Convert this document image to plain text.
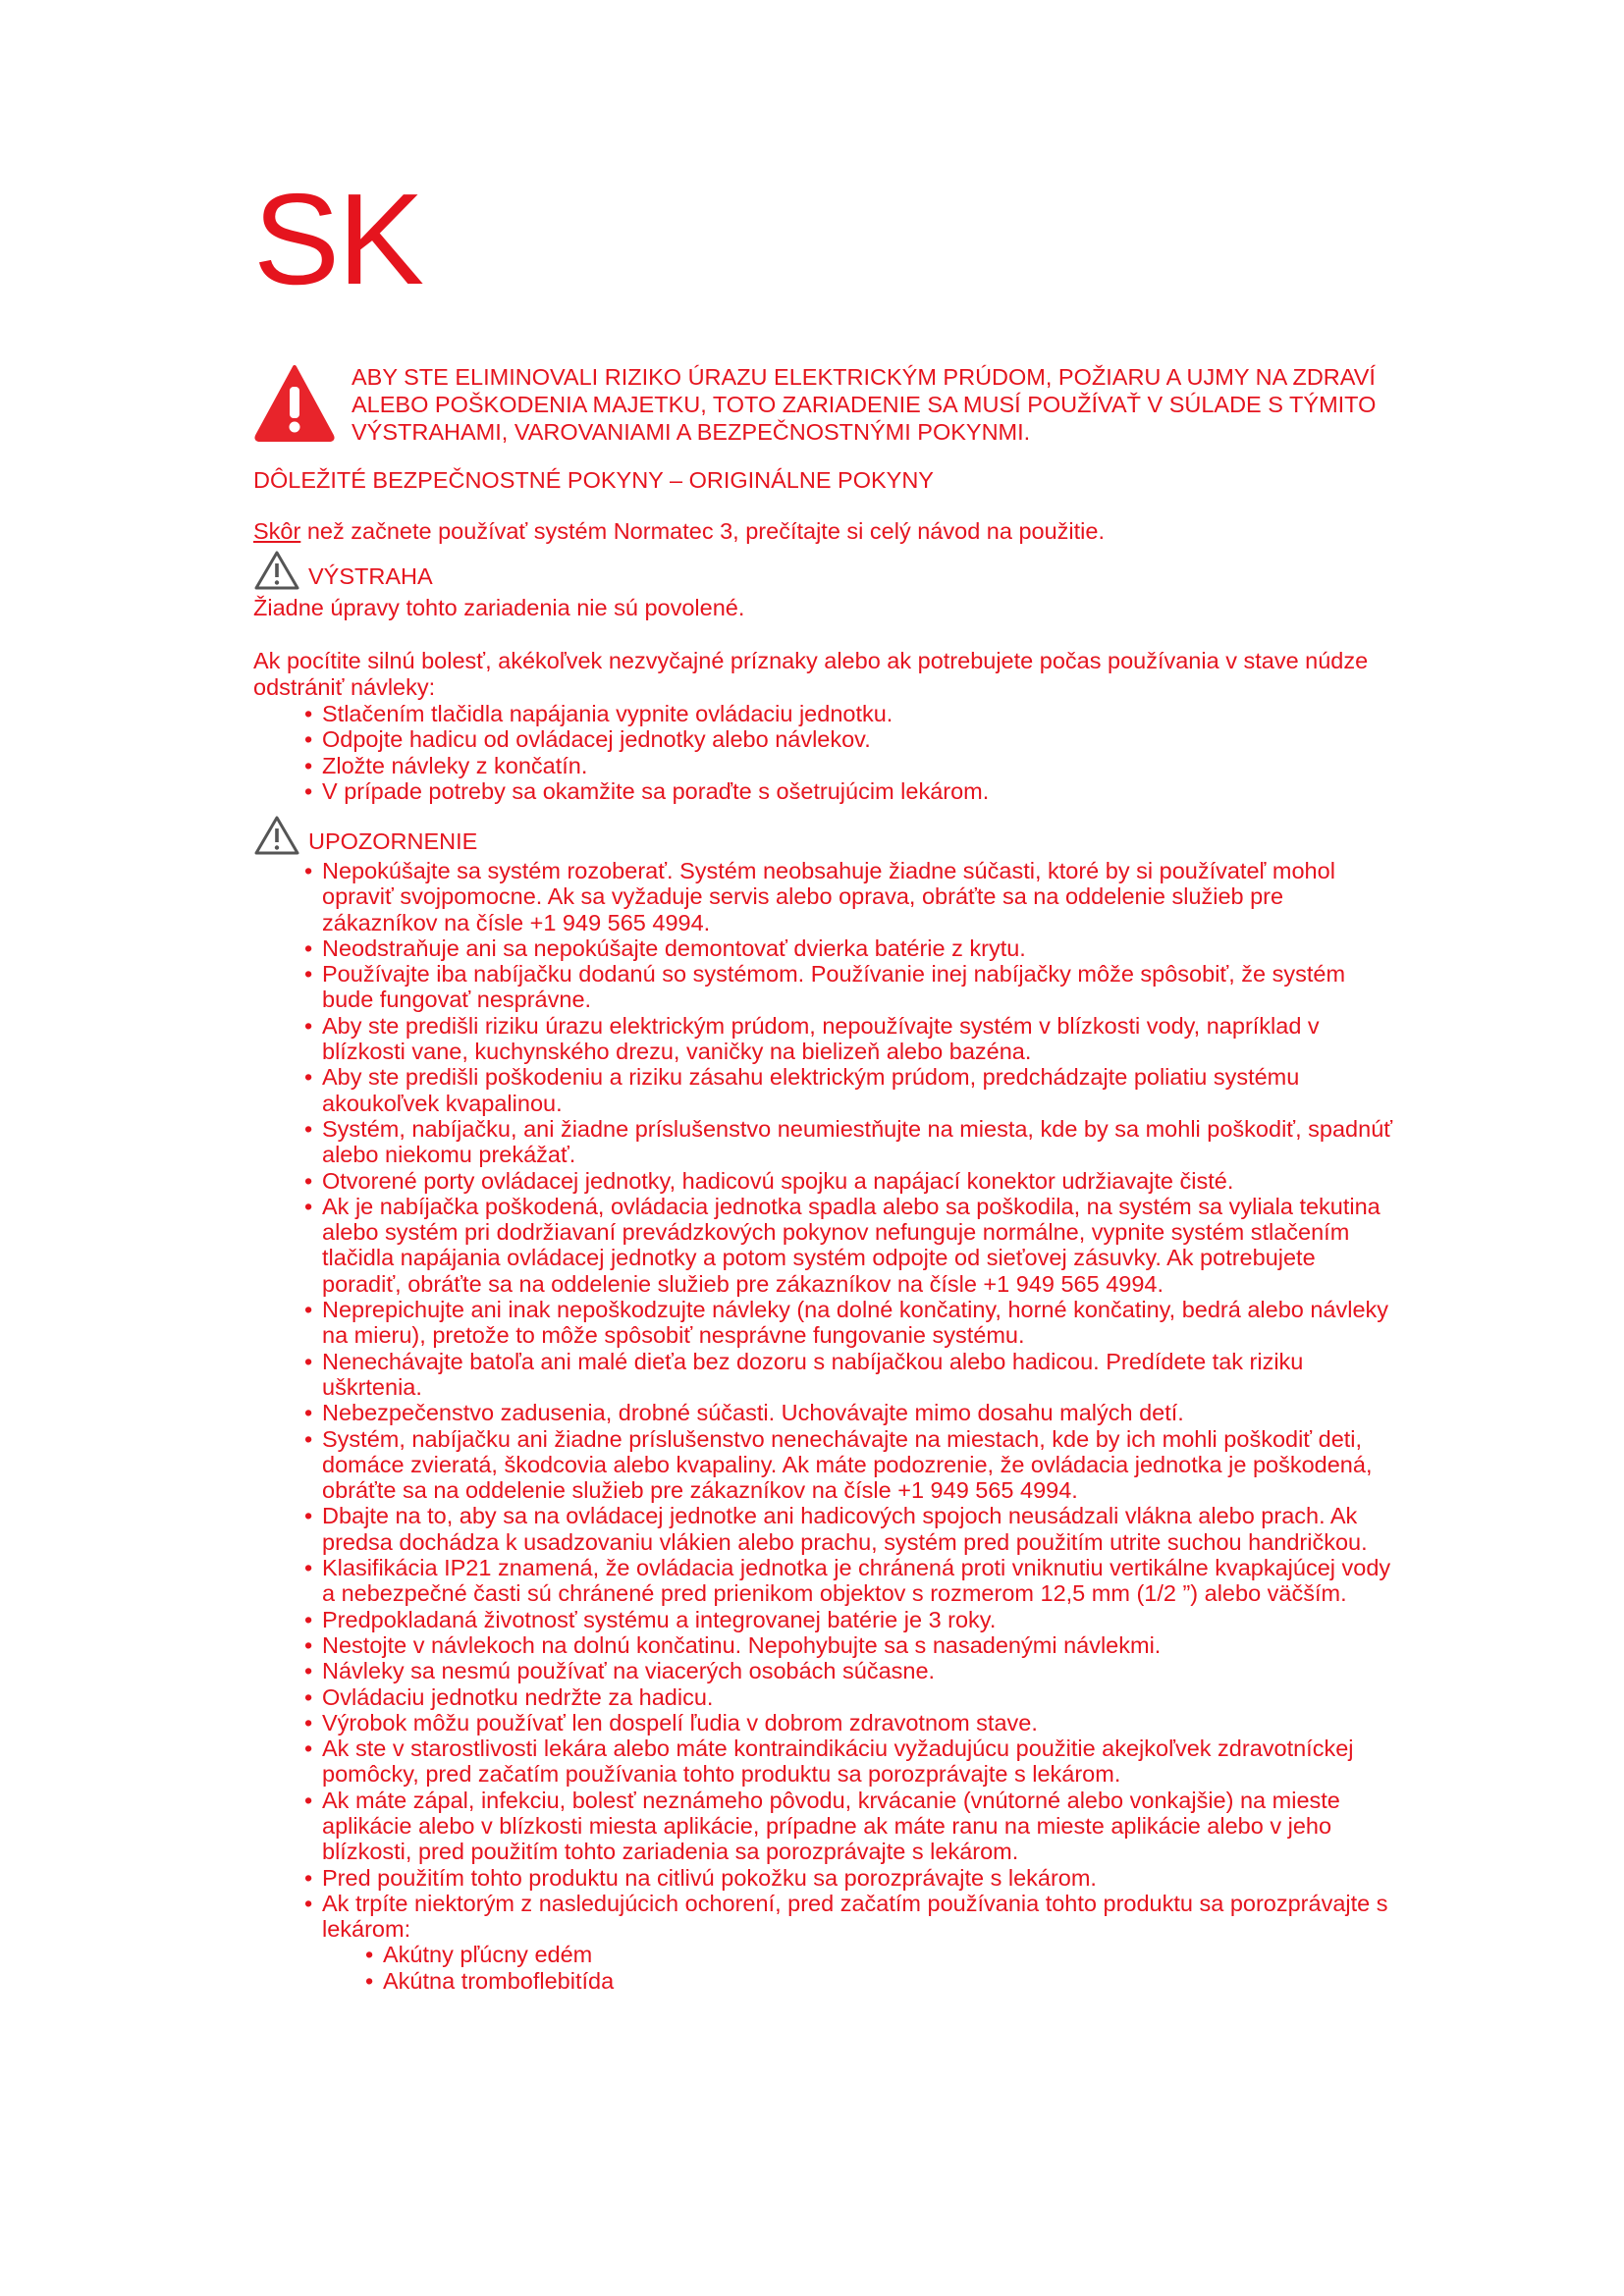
SK
ABY STE ELIMINOVALI RIZIKO ÚRAZU ELEKTRICKÝM PRÚDOM, POŽIARU A UJMY NA ZDRAVÍ ALEBO POŠKODENIA MAJETKU, TOTO ZARIADENIE SA MUSÍ POUŽÍVAŤ V SÚLADE S TÝMITO VÝSTRAHAMI, VAROVANIAMI A BEZPEČNOSTNÝMI POKYNMI.
DÔLEŽITÉ BEZPEČNOSTNÉ POKYNY – ORIGINÁLNE POKYNY
Skôr než začnete používať systém Normatec 3, prečítajte si celý návod na použitie.
VÝSTRAHA
Žiadne úpravy tohto zariadenia nie sú povolené.
Ak pocítite silnú bolesť, akékoľvek nezvyčajné príznaky alebo ak potrebujete počas používania v stave núdze odstrániť návleky:
• Stlačením tlačidla napájania vypnite ovládaciu jednotku.
• Odpojte hadicu od ovládacej jednotky alebo návlekov.
• Zložte návleky z končatín.
• V prípade potreby sa okamžite sa poraďte s ošetrujúcim lekárom.
UPOZORNENIE
• Nepokúšajte sa systém rozoberať. Systém neobsahuje žiadne súčasti, ktoré by si používateľ mohol opraviť svojpomocne. Ak sa vyžaduje servis alebo oprava, obráťte sa na oddelenie služieb pre zákazníkov na čísle +1 949 565 4994.
• Neodstraňuje ani sa nepokúšajte demontovať dvierka batérie z krytu.
• Používajte iba nabíjačku dodanú so systémom. Používanie inej nabíjačky môže spôsobiť, že systém bude fungovať nesprávne.
• Aby ste predišli riziku úrazu elektrickým prúdom, nepoužívajte systém v blízkosti vody, napríklad v blízkosti vane, kuchynského drezu, vaničky na bielizeň alebo bazéna.
• Aby ste predišli poškodeniu a riziku zásahu elektrickým prúdom, predchádzajte poliatiu systému akoukoľvek kvapalinou.
• Systém, nabíjačku, ani žiadne príslušenstvo neumiestňujte na miesta, kde by sa mohli poškodiť, spadnúť alebo niekomu prekážať.
• Otvorené porty ovládacej jednotky, hadicovú spojku a napájací konektor udržiavajte čisté.
• Ak je nabíjačka poškodená, ovládacia jednotka spadla alebo sa poškodila, na systém sa vyliala tekutina alebo systém pri dodržiavaní prevádzkových pokynov nefunguje normálne, vypnite systém stlačením tlačidla napájania ovládacej jednotky a potom systém odpojte od sieťovej zásuvky. Ak potrebujete poradiť, obráťte sa na oddelenie služieb pre zákazníkov na čísle +1 949 565 4994.
• Neprepichujte ani inak nepoškodzujte návleky (na dolné končatiny, horné končatiny, bedrá alebo návleky na mieru), pretože to môže spôsobiť nesprávne fungovanie systému.
• Nenechávajte batoľa ani malé dieťa bez dozoru s nabíjačkou alebo hadicou. Predídete tak riziku uškrtenia.
• Nebezpečenstvo zadusenia, drobné súčasti. Uchovávajte mimo dosahu malých detí.
• Systém, nabíjačku ani žiadne príslušenstvo nenechávajte na miestach, kde by ich mohli poškodiť deti, domáce zvieratá, škodcovia alebo kvapaliny. Ak máte podozrenie, že ovládacia jednotka je poškodená, obráťte sa na oddelenie služieb pre zákazníkov na čísle +1 949 565 4994.
• Dbajte na to, aby sa na ovládacej jednotke ani hadicových spojoch neusádzali vlákna alebo prach. Ak predsa dochádza k usadzovaniu vlákien alebo prachu, systém pred použitím utrite suchou handričkou.
• Klasifikácia IP21 znamená, že ovládacia jednotka je chránená proti vniknutiu vertikálne kvapkajúcej vody a nebezpečné časti sú chránené pred prienikom objektov s rozmerom 12,5 mm (1/2 ”) alebo väčším.
• Predpokladaná životnosť systému a integrovanej batérie je 3 roky.
• Nestojte v návlekoch na dolnú končatinu. Nepohybujte sa s nasadenými návlekmi.
• Návleky sa nesmú používať na viacerých osobách súčasne.
• Ovládaciu jednotku nedržte za hadicu.
• Výrobok môžu používať len dospelí ľudia v dobrom zdravotnom stave.
• Ak ste v starostlivosti lekára alebo máte kontraindikáciu vyžadujúcu použitie akejkoľvek zdravotníckej pomôcky, pred začatím používania tohto produktu sa porozprávajte s lekárom.
• Ak máte zápal, infekciu, bolesť neznámeho pôvodu, krvácanie (vnútorné alebo vonkajšie) na mieste aplikácie alebo v blízkosti miesta aplikácie, prípadne ak máte ranu na mieste aplikácie alebo v jeho blízkosti, pred použitím tohto zariadenia sa porozprávajte s lekárom.
• Pred použitím tohto produktu na citlivú pokožku sa porozprávajte s lekárom.
• Ak trpíte niektorým z nasledujúcich ochorení, pred začatím používania tohto produktu sa porozprávajte s lekárom:
• Akútny pľúcny edém
• Akútna tromboflebitída
